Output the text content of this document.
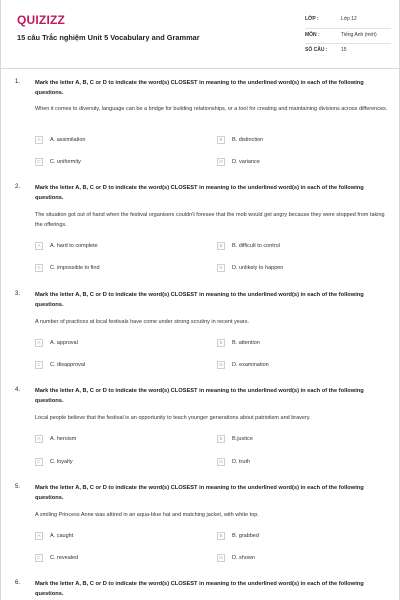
QUIZIZZ
15 câu Trắc nghiệm Unit 5 Vocabulary and Grammar
LỚP :	Lớp 12
MÔN :	Tiếng Anh (mới)
SỐ CÂU :	15
1.	Mark the letter A, B, C or D to indicate the word(s) CLOSEST in meaning to the underlined word(s) in each of the following questions.
When it comes to diversity, language can be a bridge for building relationships, or a tool for creating and maintaining divisions across differences.
A	A. assimilation	B	B. distinction
C	C. uniformity	D	D. variance
2.	Mark the letter A, B, C or D to indicate the word(s) CLOSEST in meaning to the underlined word(s) in each of the following questions.
The situation got out of hand when the festival organisers couldn't foresee that the mob would get angry because they were stopped from taking the offerings.
A	A. hard to complete	B	B. difficult to control
C	C. impossible to find	D	D. unlikely to happen
3.	Mark the letter A, B, C or D to indicate the word(s) CLOSEST in meaning to the underlined word(s) in each of the following questions.
A number of practices at local festivals have come under strong scrutiny in recent years.
A	A. approval	B	B. attention
C	C. disapproval	D	D. examination
4.	Mark the letter A, B, C or D to indicate the word(s) CLOSEST in meaning to the underlined word(s) in each of the following questions.
Local people believe that the festival is an opportunity to teach younger generations about patriotism and bravery.
A	A. heroism	B	B.justice
C	C. loyalty	D	D. truth
5.	Mark the letter A, B, C or D to indicate the word(s) CLOSEST in meaning to the underlined word(s) in each of the following questions.
A smiling Princess Anne was attired in an aqua-blue hat and matching jacket, with white top.
A	A. caught	B	B. grabbed
C	C. revealed	D	D. shown
6.	Mark the letter A, B, C or D to indicate the word(s) CLOSEST in meaning to the underlined word(s) in each of the following questions.
